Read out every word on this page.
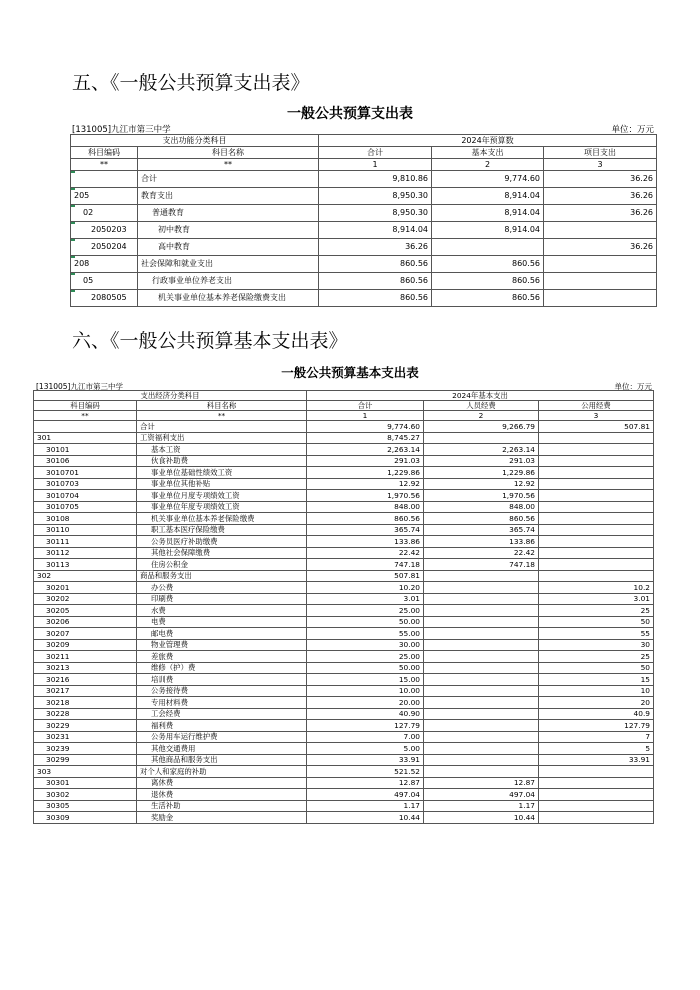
五、《一般公共预算支出表》
一般公共预算支出表
[131005]九江市第三中学	单位：万元
支出功能分类科目		2024年预算数		
科目编码	科目名称	合计	基本支出	项目支出
**	**	1	2	3
	合计	9,810.86	9,774.60	36.26
205	教育支出	8,950.30	8,914.04	36.26
02	普通教育	8,950.30	8,914.04	36.26
2050203	初中教育	8,914.04	8,914.04	
2050204	高中教育	36.26		36.26
208	社会保障和就业支出	860.56	860.56	
05	行政事业单位养老支出	860.56	860.56	
2080505	机关事业单位基本养老保险缴费支出	860.56	860.56	
六、《一般公共预算基本支出表》
一般公共预算基本支出表
[131005]九江市第三中学	单位：万元
支出经济分类科目		2024年基本支出		
科目编码	科目名称	合计	人员经费	公用经费
**	**	1	2	3
	合计	9,774.60	9,266.79	507.81
301	工资福利支出	8,745.27		
30101	基本工资	2,263.14	2,263.14	
30106	伙食补助费	291.03	291.03	
3010701	事业单位基础性绩效工资	1,229.86	1,229.86	
3010703	事业单位其他补贴	12.92	12.92	
3010704	事业单位月度专项绩效工资	1,970.56	1,970.56	
3010705	事业单位年度专项绩效工资	848.00	848.00	
30108	机关事业单位基本养老保险缴费	860.56	860.56	
30110	职工基本医疗保险缴费	365.74	365.74	
30111	公务员医疗补助缴费	133.86	133.86	
30112	其他社会保障缴费	22.42	22.42	
30113	住房公积金	747.18	747.18	
302	商品和服务支出	507.81		
30201	办公费	10.20		10.2
30202	印刷费	3.01		3.01
30205	水费	25.00		25
30206	电费	50.00		50
30207	邮电费	55.00		55
30209	物业管理费	30.00		30
30211	差旅费	25.00		25
30213	维修（护）费	50.00		50
30216	培训费	15.00		15
30217	公务接待费	10.00		10
30218	专用材料费	20.00		20
30228	工会经费	40.90		40.9
30229	福利费	127.79		127.79
30231	公务用车运行维护费	7.00		7
30239	其他交通费用	5.00		5
30299	其他商品和服务支出	33.91		33.91
303	对个人和家庭的补助	521.52		
30301	离休费	12.87	12.87	
30302	退休费	497.04	497.04	
30305	生活补助	1.17	1.17	
30309	奖励金	10.44	10.44	
